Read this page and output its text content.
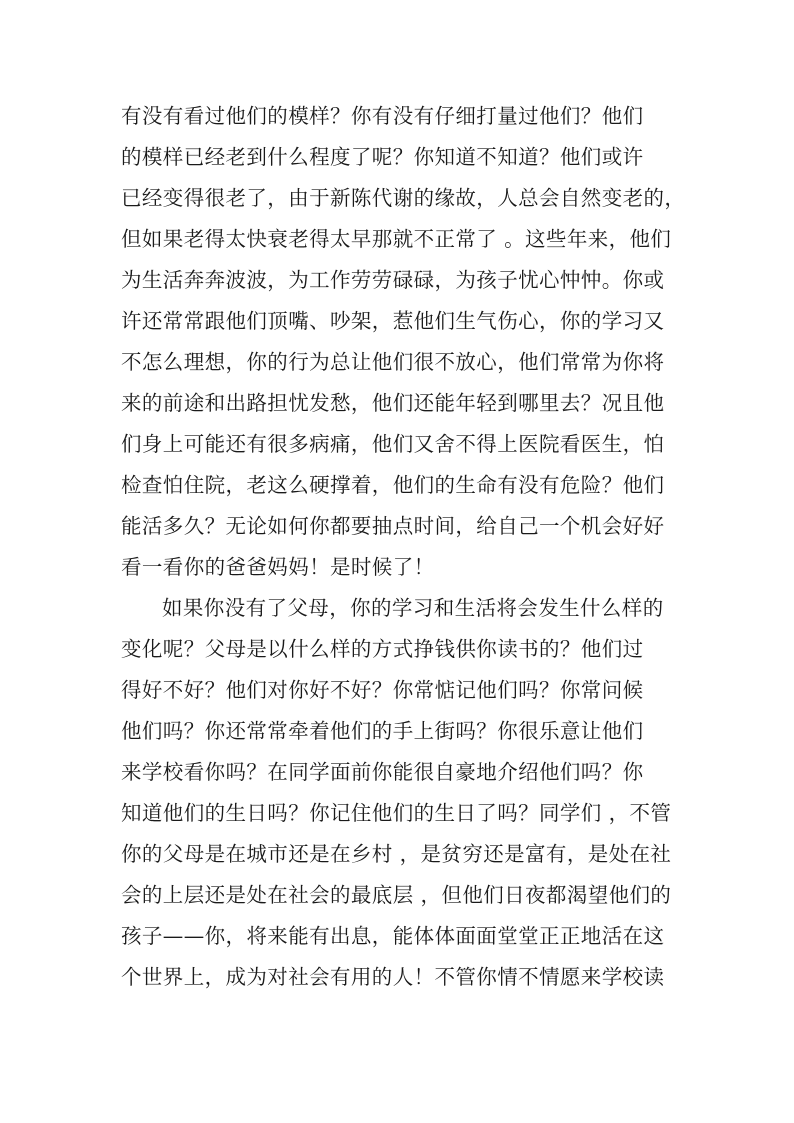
有没有看过他们的模样？你有没有仔细打量过他们？他们
的模样已经老到什么程度了呢？你知道不知道？他们或许
已经变得很老了，由于新陈代谢的缘故，人总会自然变老的，
但如果老得太快衰老得太早那就不正常了 。这些年来，他们
为生活奔奔波波，为工作劳劳碌碌，为孩子忧心忡忡。你或
许还常常跟他们顶嘴、吵架，惹他们生气伤心，你的学习又
不怎么理想，你的行为总让他们很不放心，他们常常为你将
来的前途和出路担忧发愁，他们还能年轻到哪里去？况且他
们身上可能还有很多病痛，他们又舍不得上医院看医生，怕
检查怕住院，老这么硬撑着，他们的生命有没有危险？他们
能活多久？无论如何你都要抽点时间，给自己一个机会好好
看一看你的爸爸妈妈！是时候了！
如果你没有了父母，你的学习和生活将会发生什么样的
变化呢？父母是以什么样的方式挣钱供你读书的？他们过
得好不好？他们对你好不好？你常惦记他们吗？你常问候
他们吗？你还常常牵着他们的手上街吗？你很乐意让他们
来学校看你吗？在同学面前你能很自豪地介绍他们吗？你
知道他们的生日吗？你记住他们的生日了吗？同学们 ，不管
你的父母是在城市还是在乡村 ，是贫穷还是富有，是处在社
会的上层还是处在社会的最底层 ，但他们日夜都渴望他们的
孩子——你，将来能有出息，能体体面面堂堂正正地活在这
个世界上，成为对社会有用的人！不管你情不情愿来学校读
